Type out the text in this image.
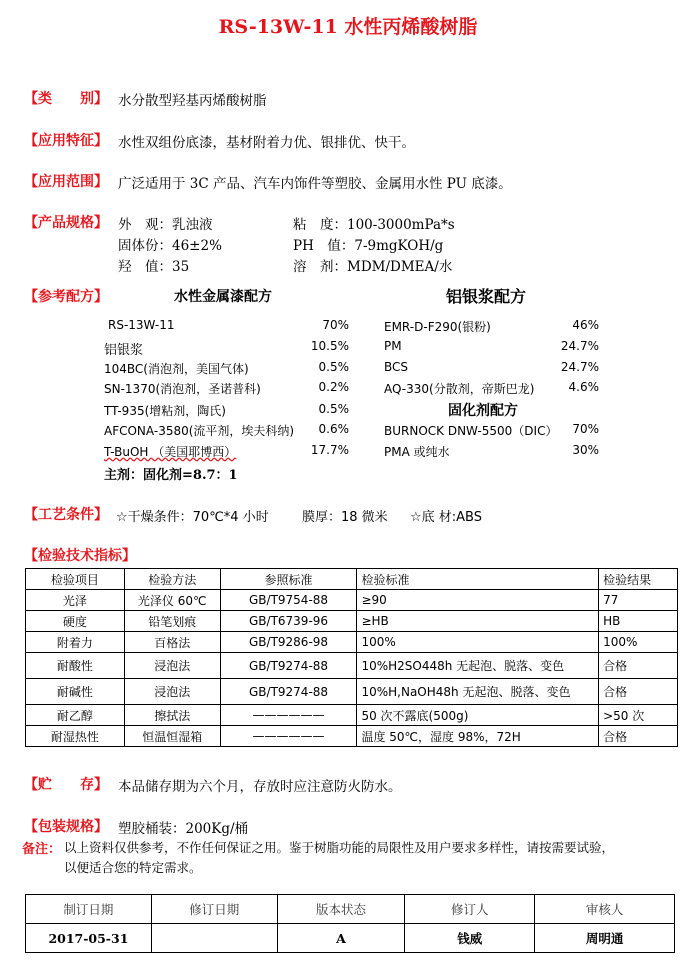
RS-13W-11 水性丙烯酸树脂
【类　　别】 水分散型羟基丙烯酸树脂
【应用特征】 水性双组份底漆，基材附着力优、银排优、快干。
【应用范围】 广泛适用于 3C 产品、汽车内饰件等塑胶、金属用水性 PU 底漆。
【产品规格】 外　观：乳浊液	粘　度：100-3000mPa*s
固体份：46±2%	PH　值：7-9mgKOH/g
羟　值：35	溶　剂：MDM/DMEA/水
【参考配方】	水性金属漆配方	铝银浆配方
RS-13W-11	70%
铝银浆	10.5%
104BC(消泡剂，美国气体)	0.5%
SN-1370(消泡剂，圣诺普科)	0.2%
TT-935(增粘剂，陶氏)	0.5%
AFCONA-3580(流平剂，埃夫科纳)	0.6%
T-BuOH （美国耶博西）	17.7%
主剂：固化剂=8.7：1
EMR-D-F290(银粉)	46%
PM	24.7%
BCS	24.7%
AQ-330(分散剂，帝斯巴龙)	4.6%
固化剂配方
BURNOCK DNW-5500（DIC）	70%
PMA 或纯水	30%
【工艺条件】 ☆干燥条件：70℃*4 小时	膜厚：18 微米 ☆底 材:ABS
【检验技术指标】
检验项目	检验方法	参照标准	检验标准	检验结果
光泽	光泽仪 60℃	GB/T9754-88	≥90	77
硬度	铅笔划痕	GB/T6739-96	≥HB	HB
附着力	百格法	GB/T9286-98	100%	100%
耐酸性	浸泡法	GB/T9274-88	10%H2SO448h 无起泡、脱落、变色	合格
耐碱性	浸泡法	GB/T9274-88	10%H,NaOH48h 无起泡、脱落、变色	合格
耐乙醇	擦拭法	——————	50 次不露底(500g)	>50 次
耐湿热性	恒温恒湿箱	——————	温度 50℃，湿度 98%，72H	合格
【贮　　存】 本品储存期为六个月，存放时应注意防火防水。
【包装规格】 塑胶桶装：200Kg/桶
备注： 以上资料仅供参考，不作任何保证之用。鉴于树脂功能的局限性及用户要求多样性，请按需要试验，
以便适合您的特定需求。
制订日期	修订日期	版本状态	修订人	审核人
2017-05-31		A	钱威	周明通
